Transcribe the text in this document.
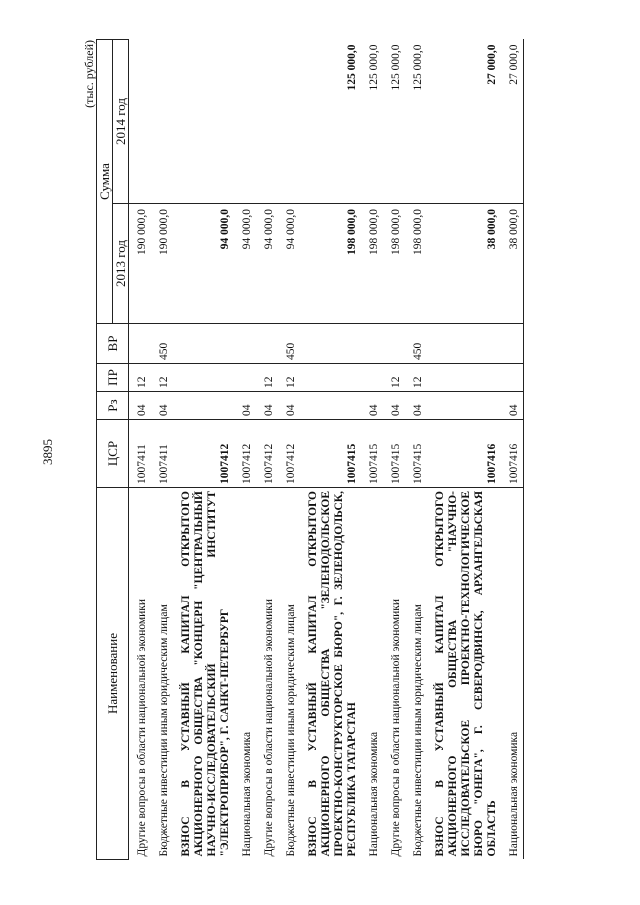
3895
(тыс. рублей)
Наименование	ЦСР	Рз	ПР	ВР	Сумма	
					2013 год	2014 год
Другие вопросы в области национальной экономики	1007411	04	12		190 000,0	
Бюджетные инвестиции иным юридическим лицам	1007411	04	12	450	190 000,0	
ВЗНОС В УСТАВНЫЙ КАПИТАЛ ОТКРЫТОГО АКЦИОНЕРНОГО ОБЩЕСТВА "КОНЦЕРН "ЦЕНТРАЛЬНЫЙ НАУЧНО-ИССЛЕДОВАТЕЛЬСКИЙ ИНСТИТУТ "ЭЛЕКТРОПРИБОР", Г. САНКТ-ПЕТЕРБУРГ	1007412				94 000,0	
Национальная экономика	1007412	04			94 000,0	
Другие вопросы в области национальной экономики	1007412	04	12		94 000,0	
Бюджетные инвестиции иным юридическим лицам	1007412	04	12	450	94 000,0	
ВЗНОС В УСТАВНЫЙ КАПИТАЛ ОТКРЫТОГО АКЦИОНЕРНОГО ОБЩЕСТВА "ЗЕЛЕНОДОЛЬСКОЕ ПРОЕКТНО-КОНСТРУКТОРСКОЕ БЮРО", Г. ЗЕЛЕНОДОЛЬСК, РЕСПУБЛИКА ТАТАРСТАН	1007415				198 000,0	125 000,0
Национальная экономика	1007415	04			198 000,0	125 000,0
Другие вопросы в области национальной экономики	1007415	04	12		198 000,0	125 000,0
Бюджетные инвестиции иным юридическим лицам	1007415	04	12	450	198 000,0	125 000,0
ВЗНОС В УСТАВНЫЙ КАПИТАЛ ОТКРЫТОГО АКЦИОНЕРНОГО ОБЩЕСТВА "НАУЧНО-ИССЛЕДОВАТЕЛЬСКОЕ ПРОЕКТНО-ТЕХНОЛОГИЧЕСКОЕ БЮРО "ОНЕГА", Г. СЕВЕРОДВИНСК, АРХАНГЕЛЬСКАЯ ОБЛАСТЬ	1007416				38 000,0	27 000,0
Национальная экономика	1007416	04			38 000,0	27 000,0
